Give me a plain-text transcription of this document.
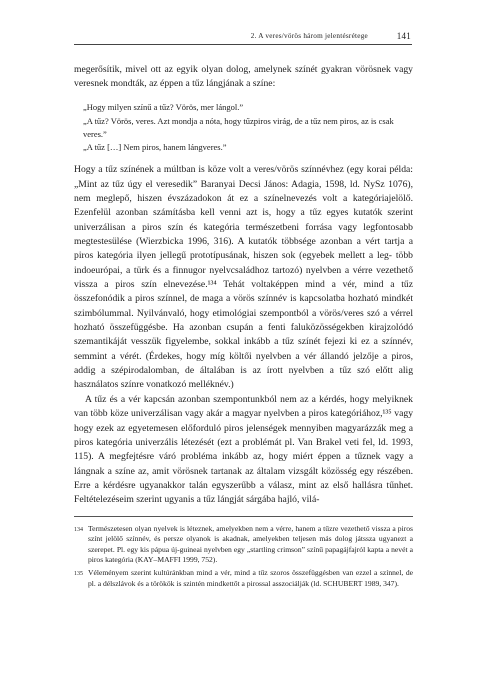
2. A veres/vörös három jelentésrétege	141

megerősítik, mivel ott az egyik olyan dolog, amelynek színét gyakran vörösnek vagy veresnek mondták, az éppen a tűz lángjának a színe:

„Hogy milyen színű a tűz? Vörös, mer lángol.”

„A tűz? Vörös, veres. Azt mondja a nóta, hogy tűzpiros virág, de a tűz nem piros, az is csak veres.”

„A tűz […] Nem piros, hanem lángveres.”

Hogy a tűz színének a múltban is köze volt a veres/vörös színnévhez (egy korai példa: „Mint az tűz úgy el veresedik” Baranyai Decsi János: Adagia, 1598, ld. NySz 1076), nem meglepő, hiszen évszázadokon át ez a színelnevezés volt a kategóriajelölő. Ezenfelül azonban számításba kell venni azt is, hogy a tűz egyes kutatók szerint univerzálisan a piros szín és kategória természetbeni forrása vagy legfontosabb megtestesülése (Wierzbicka 1996, 316). A kutatók többsége azonban a vért tartja a piros kategória ilyen jellegű prototípusának, hiszen sok (egyebek mellett a leg- több indoeurópai, a türk és a finnugor nyelvcsaládhoz tartozó) nyelvben a vérre vezethető vissza a piros szín elnevezése.¹³⁴ Tehát voltaképpen mind a vér, mind a tűz összefonódik a piros színnel, de maga a vörös színnév is kapcsolatba hozható mindkét szimbólummal. Nyilvánvaló, hogy etimológiai szempontból a vörös/veres szó a vérrel hozható összefüggésbe. Ha azonban csupán a fenti faluközösségekben kirajzolódó szemantikáját vesszük figyelembe, sokkal inkább a tűz színét fejezi ki ez a színnév, semmint a vérét. (Érdekes, hogy míg költői nyelvben a vér állandó jelzője a piros, addig a szépirodalomban, de általában is az írott nyelvben a tűz szó előtt alig használatos színre vonatkozó melléknév.)

A tűz és a vér kapcsán azonban szempontunkból nem az a kérdés, hogy melyiknek van több köze univerzálisan vagy akár a magyar nyelvben a piros kategóriához,¹³⁵ vagy hogy ezek az egyetemesen előforduló piros jelenségek mennyiben magyarázzák meg a piros kategória univerzális létezését (ezt a problémát pl. Van Brakel veti fel, ld. 1993, 115). A megfejtésre váró probléma inkább az, hogy miért éppen a tűznek vagy a lángnak a színe az, amit vörösnek tartanak az általam vizsgált közösség egy részében. Erre a kérdésre ugyanakkor talán egyszerűbb a válasz, mint az első hallásra tűnhet. Feltételezéseim szerint ugyanis a tűz lángját sárgába hajló, vilá-

134 Természetesen olyan nyelvek is léteznek, amelyekben nem a vérre, hanem a tűzre vezethető vissza a piros színt jelölő színnév, és persze olyanok is akadnak, amelyekben teljesen más dolog játssza ugyanezt a szerepet. Pl. egy kis pápua új-guineai nyelvben egy „startling crimson” színű papagájfajról kapta a nevét a piros kategória (KAY–MAFFI 1999, 752).
135 Véleményem szerint kultúránkban mind a vér, mind a tűz szoros összefüggésben van ezzel a színnel, de pl. a délszlávok és a törökök is szintén mindkettőt a pirossal asszociálják (ld. SCHUBERT 1989, 347).
